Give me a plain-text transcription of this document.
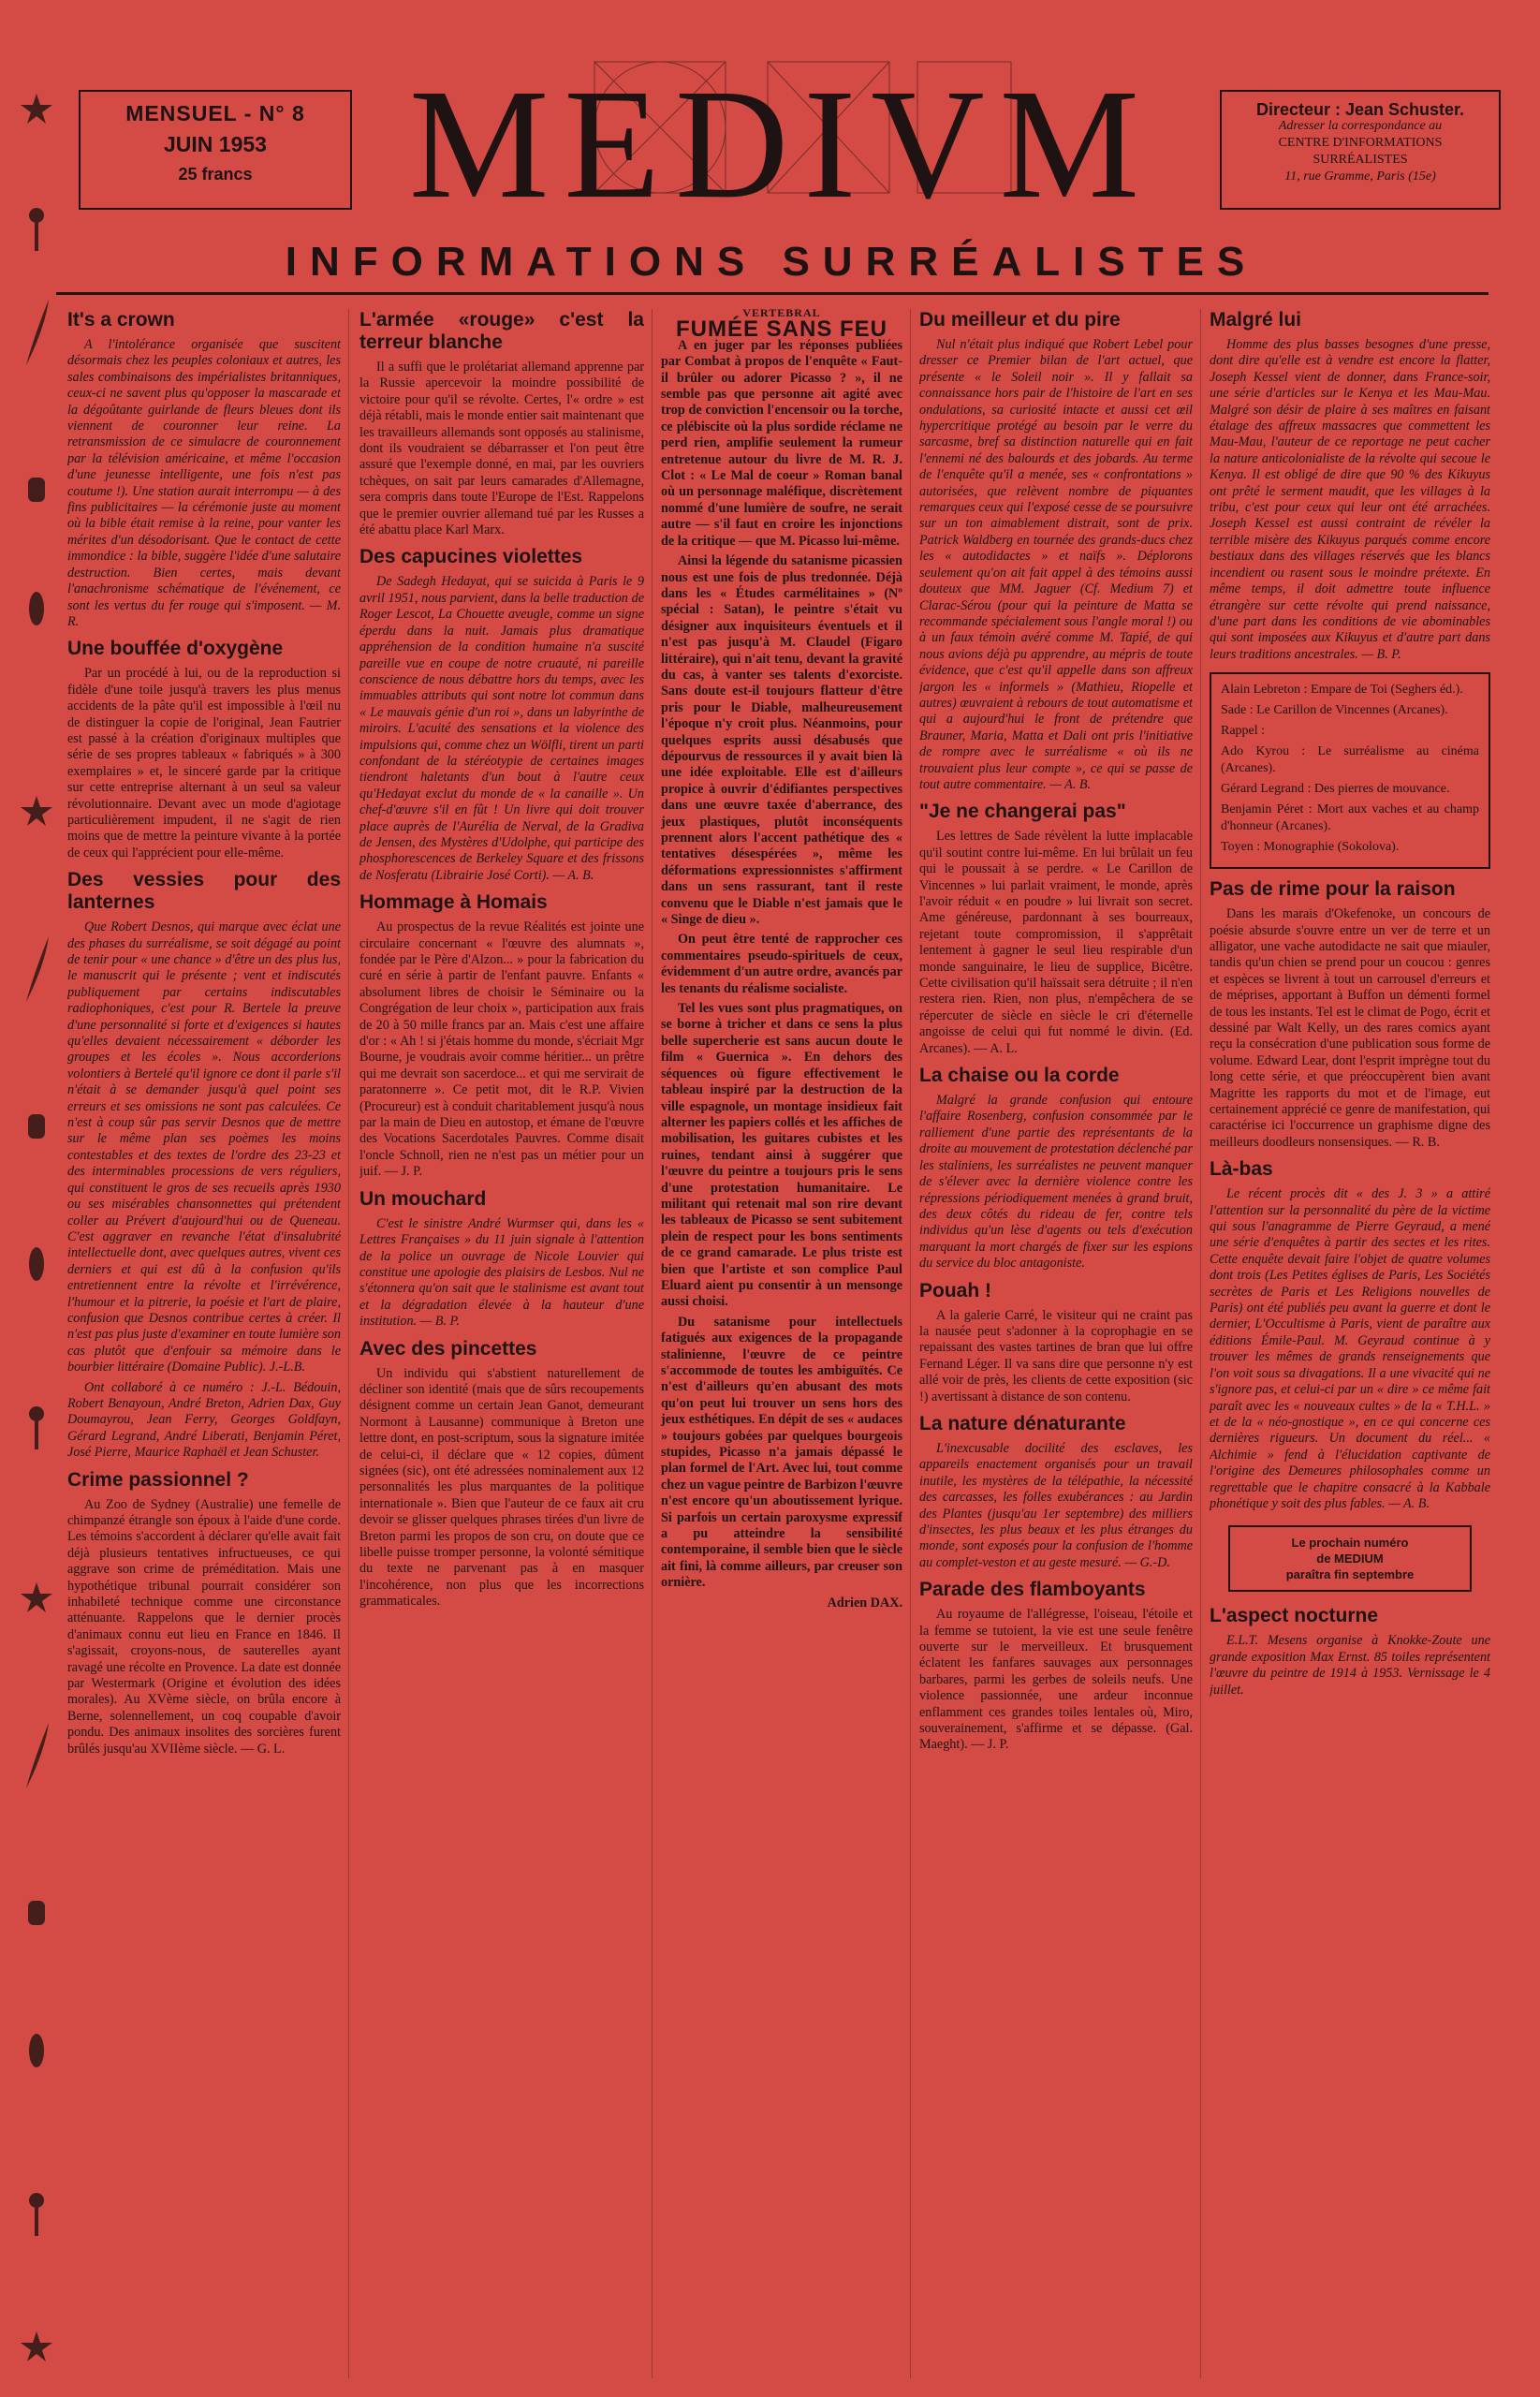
MENSUEL - N° 8
JUIN 1953
25 francs MEDIVM	Directeur : Jean Schuster.
Adresser la correspondance au
CENTRE D'INFORMATIONS
SURRÉALISTES
11, rue Gramme, Paris (15e)
INFORMATIONS SURRÉALISTES
It's a crown

A l'intolérance organisée que suscitent désormais chez les peuples coloniaux et autres, les sales combinaisons des impérialistes britanniques, ceux-ci ne savent plus qu'opposer la mascarade et la dégoûtante guirlande de fleurs bleues dont ils viennent de couronner leur reine. La retransmission de ce simulacre de couronnement par la télévision américaine, et même l'occasion d'une jeunesse intelligente, une fois n'est pas coutume !). Une station aurait interrompu — à des fins publicitaires — la cérémonie juste au moment où la bible était remise à la reine, pour vanter les mérites d'un désodorisant. Que le contact de cette immondice : la bible, suggère l'idée d'une salutaire destruction. Bien certes, mais devant l'anachronisme schématique de l'événement, ce sont les vertus du fer rouge qui s'imposent. — M. R.

Une bouffée d'oxygène

Par un procédé à lui, ou de la reproduction si fidèle d'une toile jusqu'à travers les plus menus accidents de la pâte qu'il est impossible à l'œil nu de distinguer la copie de l'original, Jean Fautrier est passé à la création d'originaux multiples que série de ses propres tableaux « fabriqués » à 300 exemplaires » et, le sinceré garde par la critique sur cette entreprise alternant à un seul sa valeur révolutionnaire. Devant avec un mode d'agiotage particulièrement impudent, il ne s'agit de rien moins que de mettre la peinture vivante à la portée de ceux qui l'apprécient pour elle-même.

Des vessies pour des lanternes

Que Robert Desnos, qui marque avec éclat une des phases du surréalisme, se soit dégagé au point de tenir pour « une chance » d'être un des plus lus, le manuscrit qui le présente ; vent et indiscutés publiquement par certains indiscutables radiophoniques, c'est pour R. Bertele la preuve d'une personnalité si forte et d'exigences si hautes qu'elles devaient nécessairement « déborder les groupes et les écoles ». Nous accorderions volontiers à Bertelé qu'il ignore ce dont il parle s'il n'était à se demander jusqu'à quel point ses erreurs et ses omissions ne sont pas calculées. Ce n'est à coup sûr pas servir Desnos que de mettre sur le même plan ses poèmes les moins contestables et des textes de l'ordre des 23-23 et des interminables processions de vers réguliers, qui constituent le gros de ses recueils après 1930 ou ses misérables chansonnettes qui prétendent coller au Prévert d'aujourd'hui ou de Queneau. C'est aggraver en revanche l'état d'insalubrité intellectuelle dont, avec quelques autres, vivent ces derniers et qui est dû à la confusion qu'ils entretiennent entre la révolte et l'irrévérence, l'humour et la pitrerie, la poésie et l'art de plaire, confusion que Desnos contribue certes à créer. Il n'est pas plus juste d'examiner en toute lumière son cas plutôt que d'enfouir sa mémoire dans le bourbier littéraire (Domaine Public). J.-L.B.

Ont collaboré à ce numéro : J.-L. Bédouin, Robert Benayoun, André Breton, Adrien Dax, Guy Doumayrou, Jean Ferry, Georges Goldfayn, Gérard Legrand, André Liberati, Benjamin Péret, José Pierre, Maurice Raphaël et Jean Schuster.

Crime passionnel ?

Au Zoo de Sydney (Australie) une femelle de chimpanzé étrangle son époux à l'aide d'une corde. Les témoins s'accordent à déclarer qu'elle avait fait déjà plusieurs tentatives infructueuses, ce qui aggrave son crime de préméditation. Mais une hypothétique tribunal pourrait considérer son inhabileté technique comme une circonstance atténuante. Rappelons que le dernier procès d'animaux connu eut lieu en France en 1846. Il s'agissait, croyons-nous, de sauterelles ayant ravagé une récolte en Provence. La date est donnée par Westermark (Origine et évolution des idées morales). Au XVème siècle, on brûla encore à Berne, solennellement, un coq coupable d'avoir pondu. Des animaux insolites des sorcières furent brûlés jusqu'au XVIIème siècle. — G. L.

L'armée «rouge» c'est la terreur blanche

Il a suffi que le prolétariat allemand apprenne par la Russie apercevoir la moindre possibilité de victoire pour qu'il se révolte. Certes, l'« ordre » est déjà rétabli, mais le monde entier sait maintenant que les travailleurs allemands sont opposés au stalinisme, dont ils voudraient se débarrasser et l'on peut être assuré que l'exemple donné, en mai, par les ouvriers tchèques, on sait par leurs camarades d'Allemagne, sera compris dans toute l'Europe de l'Est. Rappelons que le premier ouvrier allemand tué par les Russes a été abattu place Karl Marx.

Des capucines violettes

De Sadegh Hedayat, qui se suicida à Paris le 9 avril 1951, nous parvient, dans la belle traduction de Roger Lescot, La Chouette aveugle, comme un signe éperdu dans la nuit. Jamais plus dramatique appréhension de la condition humaine n'a suscité pareille vue en coupe de notre cruauté, ni pareille conscience de nous débattre hors du temps, avec les immuables attributs qui sont notre lot commun dans « Le mauvais génie d'un roi », dans un labyrinthe de miroirs. L'acuité des sensations et la violence des impulsions qui, comme chez un Wölfli, tirent un parti confondant de la stéréotypie de certaines images tiendront haletants d'un bout à l'autre ceux qu'Hedayat exclut du monde de « la canaille ». Un chef-d'œuvre s'il en fût ! Un livre qui doit trouver place auprès de l'Aurélia de Nerval, de la Gradiva de Jensen, des Mystères d'Udolphe, qui participe des phosphorescences de Berkeley Square et des frissons de Nosferatu (Librairie José Corti). — A. B.

Hommage à Homais

Au prospectus de la revue Réalités est jointe une circulaire concernant « l'œuvre des alumnats », fondée par le Père d'Alzon... » pour la fabrication du curé en série à partir de l'enfant pauvre. Enfants « absolument libres de choisir le Séminaire ou la Congrégation de leur choix », participation aux frais de 20 à 50 mille francs par an. Mais c'est une affaire d'or : « Ah ! si j'étais homme du monde, s'écriait Mgr Bourne, je voudrais avoir comme héritier... un prêtre qui me devrait son sacerdoce... et qui me servirait de paratonnerre ». Ce petit mot, dit le R.P. Vivien (Procureur) est à conduit charitablement jusqu'à nous par la main de Dieu en autostop, et émane de l'œuvre des Vocations Sacerdotales Pauvres. Comme disait l'oncle Schnoll, rien ne n'est pas un métier pour un juif. — J. P.

Un mouchard

C'est le sinistre André Wurmser qui, dans les « Lettres Françaises » du 11 juin signale à l'attention de la police un ouvrage de Nicole Louvier qui constitue une apologie des plaisirs de Lesbos. Nul ne s'étonnera qu'on sait que le stalinisme est avant tout et la dégradation élevée à la hauteur d'une institution. — B. P.

Avec des pincettes

Un individu qui s'abstient naturellement de décliner son identité (mais que de sûrs recoupements désignent comme un certain Jean Ganot, demeurant Normont à Lausanne) communique à Breton une lettre dont, en post-scriptum, sous la signature imitée de celui-ci, il déclare que « 12 copies, dûment signées (sic), ont été adressées nominalement aux 12 personnalités les plus marquantes de la politique internationale ». Bien que l'auteur de ce faux ait cru devoir se glisser quelques phrases tirées d'un livre de Breton parmi les propos de son cru, on doute que ce libelle puisse tromper personne, la volonté sémitique du texte ne parvenant pas à en masquer l'incohérence, non plus que les incorrections grammaticales.

VERTEBRAL
FUMÉE SANS FEU

A en juger par les réponses publiées par Combat à propos de l'enquête « Faut-il brûler ou adorer Picasso ? », il ne semble pas que personne ait agité avec trop de conviction l'encensoir ou la torche, ce plébiscite où la plus sordide réclame ne perd rien, amplifie seulement la rumeur entretenue autour du livre de M. R. J. Clot : « Le Mal de coeur » Roman banal où un personnage maléfique, discrètement nommé d'une lumière de soufre, ne serait autre — s'il faut en croire les injonctions de la critique — que M. Picasso lui-même.

Ainsi la légende du satanisme picassien nous est une fois de plus tredonnée. Déjà dans les « Études carmélitaines » (Nº spécial : Satan), le peintre s'était vu désigner aux inquisiteurs éventuels et il n'est pas jusqu'à M. Claudel (Figaro littéraire), qui n'ait tenu, devant la gravité du cas, à vanter ses talents d'exorciste. Sans doute est-il toujours flatteur d'être pris pour le Diable, malheureusement l'époque n'y croit plus. Néanmoins, pour quelques esprits aussi désabusés que dépourvus de ressources il y avait bien là une idée exploitable. Elle est d'ailleurs propice à ouvrir d'édifiantes perspectives dans une œuvre taxée d'aberrance, des jeux plastiques, plutôt inconséquents prennent alors l'accent pathétique des « tentatives désespérées », même les déformations expressionnistes s'affirment dans un sens rassurant, tant il reste convenu que le Diable n'est jamais que le « Singe de dieu ».

On peut être tenté de rapprocher ces commentaires pseudo-spirituels de ceux, évidemment d'un autre ordre, avancés par les tenants du réalisme socialiste.

Tel les vues sont plus pragmatiques, on se borne à tricher et dans ce sens la plus belle supercherie est sans aucun doute le film « Guernica ». En dehors des séquences où figure effectivement le tableau inspiré par la destruction de la ville espagnole, un montage insidieux fait alterner les papiers collés et les affiches de mobilisation, les guitares cubistes et les ruines, tendant ainsi à suggérer que l'œuvre du peintre a toujours pris le sens d'une protestation humanitaire. Le militant qui retenait mal son rire devant les tableaux de Picasso se sent subitement plein de respect pour les bons sentiments de ce grand camarade. Le plus triste est bien que l'artiste et son complice Paul Eluard aient pu consentir à un mensonge aussi choisi.

Du satanisme pour intellectuels fatigués aux exigences de la propagande stalinienne, l'œuvre de ce peintre s'accommode de toutes les ambiguïtés. Ce n'est d'ailleurs qu'en abusant des mots qu'on peut lui trouver un sens hors des jeux esthétiques. En dépit de ses « audaces » toujours gobées par quelques bourgeois stupides, Picasso n'a jamais dépassé le plan formel de l'Art. Avec lui, tout comme chez un vague peintre de Barbizon l'œuvre n'est encore qu'un aboutissement lyrique. Si parfois un certain paroxysme expressif a pu atteindre la sensibilité contemporaine, il semble bien que le siècle ait fini, là comme ailleurs, par creuser son ornière.

Adrien DAX.
Du meilleur et du pire

Nul n'était plus indiqué que Robert Lebel pour dresser ce Premier bilan de l'art actuel, que présente « le Soleil noir ». Il y fallait sa connaissance hors pair de l'histoire de l'art en ses ondulations, sa curiosité intacte et aussi cet œil hypercritique protégé au besoin par le verre du sarcasme, bref sa distinction naturelle qui en fait l'ennemi né des balourds et des jobards. Au terme de l'enquête qu'il a menée, ses « confrontations » autorisées, que relèvent nombre de piquantes remarques ceux qui l'exposé cesse de se poursuivre sur un ton aimablement distrait, sont de prix. Patrick Waldberg en tournée des grands-ducs chez les « autodidactes » et naïfs ». Déplorons seulement qu'on ait fait appel à des témoins aussi douteux que MM. Jaguer (Cf. Medium 7) et Clarac-Sérou (pour qui la peinture de Matta se recommande spécialement sous l'angle moral !) ou à un faux témoin avéré comme M. Tapié, de qui nous avions déjà pu apprendre, au mépris de toute évidence, que c'est qu'il appelle dans son affreux jargon les « informels » (Mathieu, Riopelle et autres) œuvraient à rebours de tout automatisme et qui a aujourd'hui le front de prétendre que Brauner, Maria, Matta et Dali ont pris l'initiative de rompre avec le surréalisme « où ils ne trouvaient plus leur compte », ce qui se passe de tout autre commentaire. — A. B.

"Je ne changerai pas"

Les lettres de Sade révèlent la lutte implacable qu'il soutint contre lui-même. En lui brûlait un feu qui le poussait à se perdre. « Le Carillon de Vincennes » lui parlait vraiment, le monde, après l'avoir réduit « en poudre » lui livrait son secret. Ame généreuse, pardonnant à ses bourreaux, rejetant toute compromission, il s'apprêtait lentement à gagner le seul lieu respirable d'un monde sanguinaire, le lieu de supplice, Bicêtre. Cette civilisation qu'il haïssait sera détruite ; il n'en restera rien. Rien, non plus, n'empêchera de se répercuter de siècle en siècle le cri d'éternelle angoisse de celui qui fut nommé le divin. (Ed. Arcanes). — A. L.

La chaise ou la corde

Malgré la grande confusion qui entoure l'affaire Rosenberg, confusion consommée par le ralliement d'une partie des représentants de la droite au mouvement de protestation déclenché par les staliniens, les surréalistes ne peuvent manquer de s'élever avec la dernière violence contre les répressions périodiquement menées à grand bruit, des deux côtés du rideau de fer, contre tels individus qu'un lèse d'agents ou tels d'exécution marquant la mort chargés de fixer sur les espions du service du bloc antagoniste.

Pouah !

A la galerie Carré, le visiteur qui ne craint pas la nausée peut s'adonner à la coprophagie en se repaissant des vastes tartines de bran que lui offre Fernand Léger. Il va sans dire que personne n'y est allé voir de près, les clients de cette exposition (sic !) avertissant à distance de son contenu.

La nature dénaturante

L'inexcusable docilité des esclaves, les appareils enactement organisés pour un travail inutile, les mystères de la télépathie, la nécessité des carcasses, les folles exubérances : au Jardin des Plantes (jusqu'au 1er septembre) des milliers d'insectes, les plus beaux et les plus étranges du monde, sont exposés pour la confusion de l'homme au complet-veston et au geste mesuré. — G.-D.

Parade des flamboyants

Au royaume de l'allégresse, l'oiseau, l'étoile et la femme se tutoient, la vie est une seule fenêtre ouverte sur le merveilleux. Et brusquement éclatent les fanfares sauvages aux personnages barbares, parmi les gerbes de soleils neufs. Une violence passionnée, une ardeur inconnue enflamment ces grandes toiles lentales où, Miro, souverainement, s'affirme et se dépasse. (Gal. Maeght). — J. P.

Malgré lui

Homme des plus basses besognes d'une presse, dont dire qu'elle est à vendre est encore la flatter, Joseph Kessel vient de donner, dans France-soir, une série d'articles sur le Kenya et les Mau-Mau. Malgré son désir de plaire à ses maîtres en faisant étalage des affreux massacres que commettent les Mau-Mau, l'auteur de ce reportage ne peut cacher la nature anticolonialiste de la révolte qui secoue le Kenya. Il est obligé de dire que 90 % des Kikuyus ont prêté le serment maudit, que les villages à la tribu, c'est pour ceux qui leur ont été arrachées. Joseph Kessel est aussi contraint de révéler la terrible misère des Kikuyus parqués comme encore bestiaux dans des villages réservés que les blancs incendient ou rasent sous le moindre prétexte. En même temps, il doit admettre toute influence étrangère sur cette révolte qui prend naissance, d'une part dans les conditions de vie abominables qui sont imposées aux Kikuyus et d'autre part dans leurs traditions ancestrales. — B. P.

Alain Lebreton : Empare de Toi (Seghers éd.).
Sade : Le Carillon de Vincennes (Arcanes).
Rappel :
Ado Kyrou : Le surréalisme au cinéma (Arcanes).
Gérard Legrand : Des pierres de mouvance.
Benjamin Péret : Mort aux vaches et au champ d'honneur (Arcanes).
Toyen : Monographie (Sokolova).
Pas de rime pour la raison

Dans les marais d'Okefenoke, un concours de poésie absurde s'ouvre entre un ver de terre et un alligator, une vache autodidacte ne sait que miauler, tandis qu'un chien se prend pour un coucou : genres et espèces se livrent à tout un carrousel d'erreurs et de méprises, apportant à Buffon un démenti formel de tous les instants. Tel est le climat de Pogo, écrit et dessiné par Walt Kelly, un des rares comics ayant reçu la consécration d'une publication sous forme de volume. Edward Lear, dont l'esprit imprègne tout du long cette série, et que préoccupèrent bien avant Magritte les rapports du mot et de l'image, eut certainement apprécié ce genre de manifestation, qui caractérise ici l'occurrence un graphisme digne des meilleurs doodleurs nonsensiques. — R. B.

Là-bas

Le récent procès dit « des J. 3 » a attiré l'attention sur la personnalité du père de la victime qui sous l'anagramme de Pierre Geyraud, a mené une série d'enquêtes à partir des sectes et les rites. Cette enquête devait faire l'objet de quatre volumes dont trois (Les Petites églises de Paris, Les Sociétés secrètes de Paris et Les Religions nouvelles de Paris) ont été publiés peu avant la guerre et dont le dernier, L'Occultisme à Paris, vient de paraître aux éditions Émile-Paul. M. Geyraud continue à y trouver les mêmes de grands renseignements que l'on voit sous sa divagations. Il a une vivacité qui ne s'ignore pas, et celui-ci par un « dire » ce même fait paraît avec les « nouveaux cultes » de la « T.H.L. » et de la « néo-gnostique », en ce qui concerne ces dernières rigueurs. Un document du réel... « Alchimie » fend à l'élucidation captivante de l'origine des Demeures philosophales comme un regrettable que le chapitre consacré à la Kabbale phonétique y soit des plus fables. — A. B.

Le prochain numéro
de MEDIUM
paraîtra fin septembre
L'aspect nocturne

E.L.T. Mesens organise à Knokke-Zoute une grande exposition Max Ernst. 85 toiles représentent l'œuvre du peintre de 1914 à 1953. Vernissage le 4 juillet.
